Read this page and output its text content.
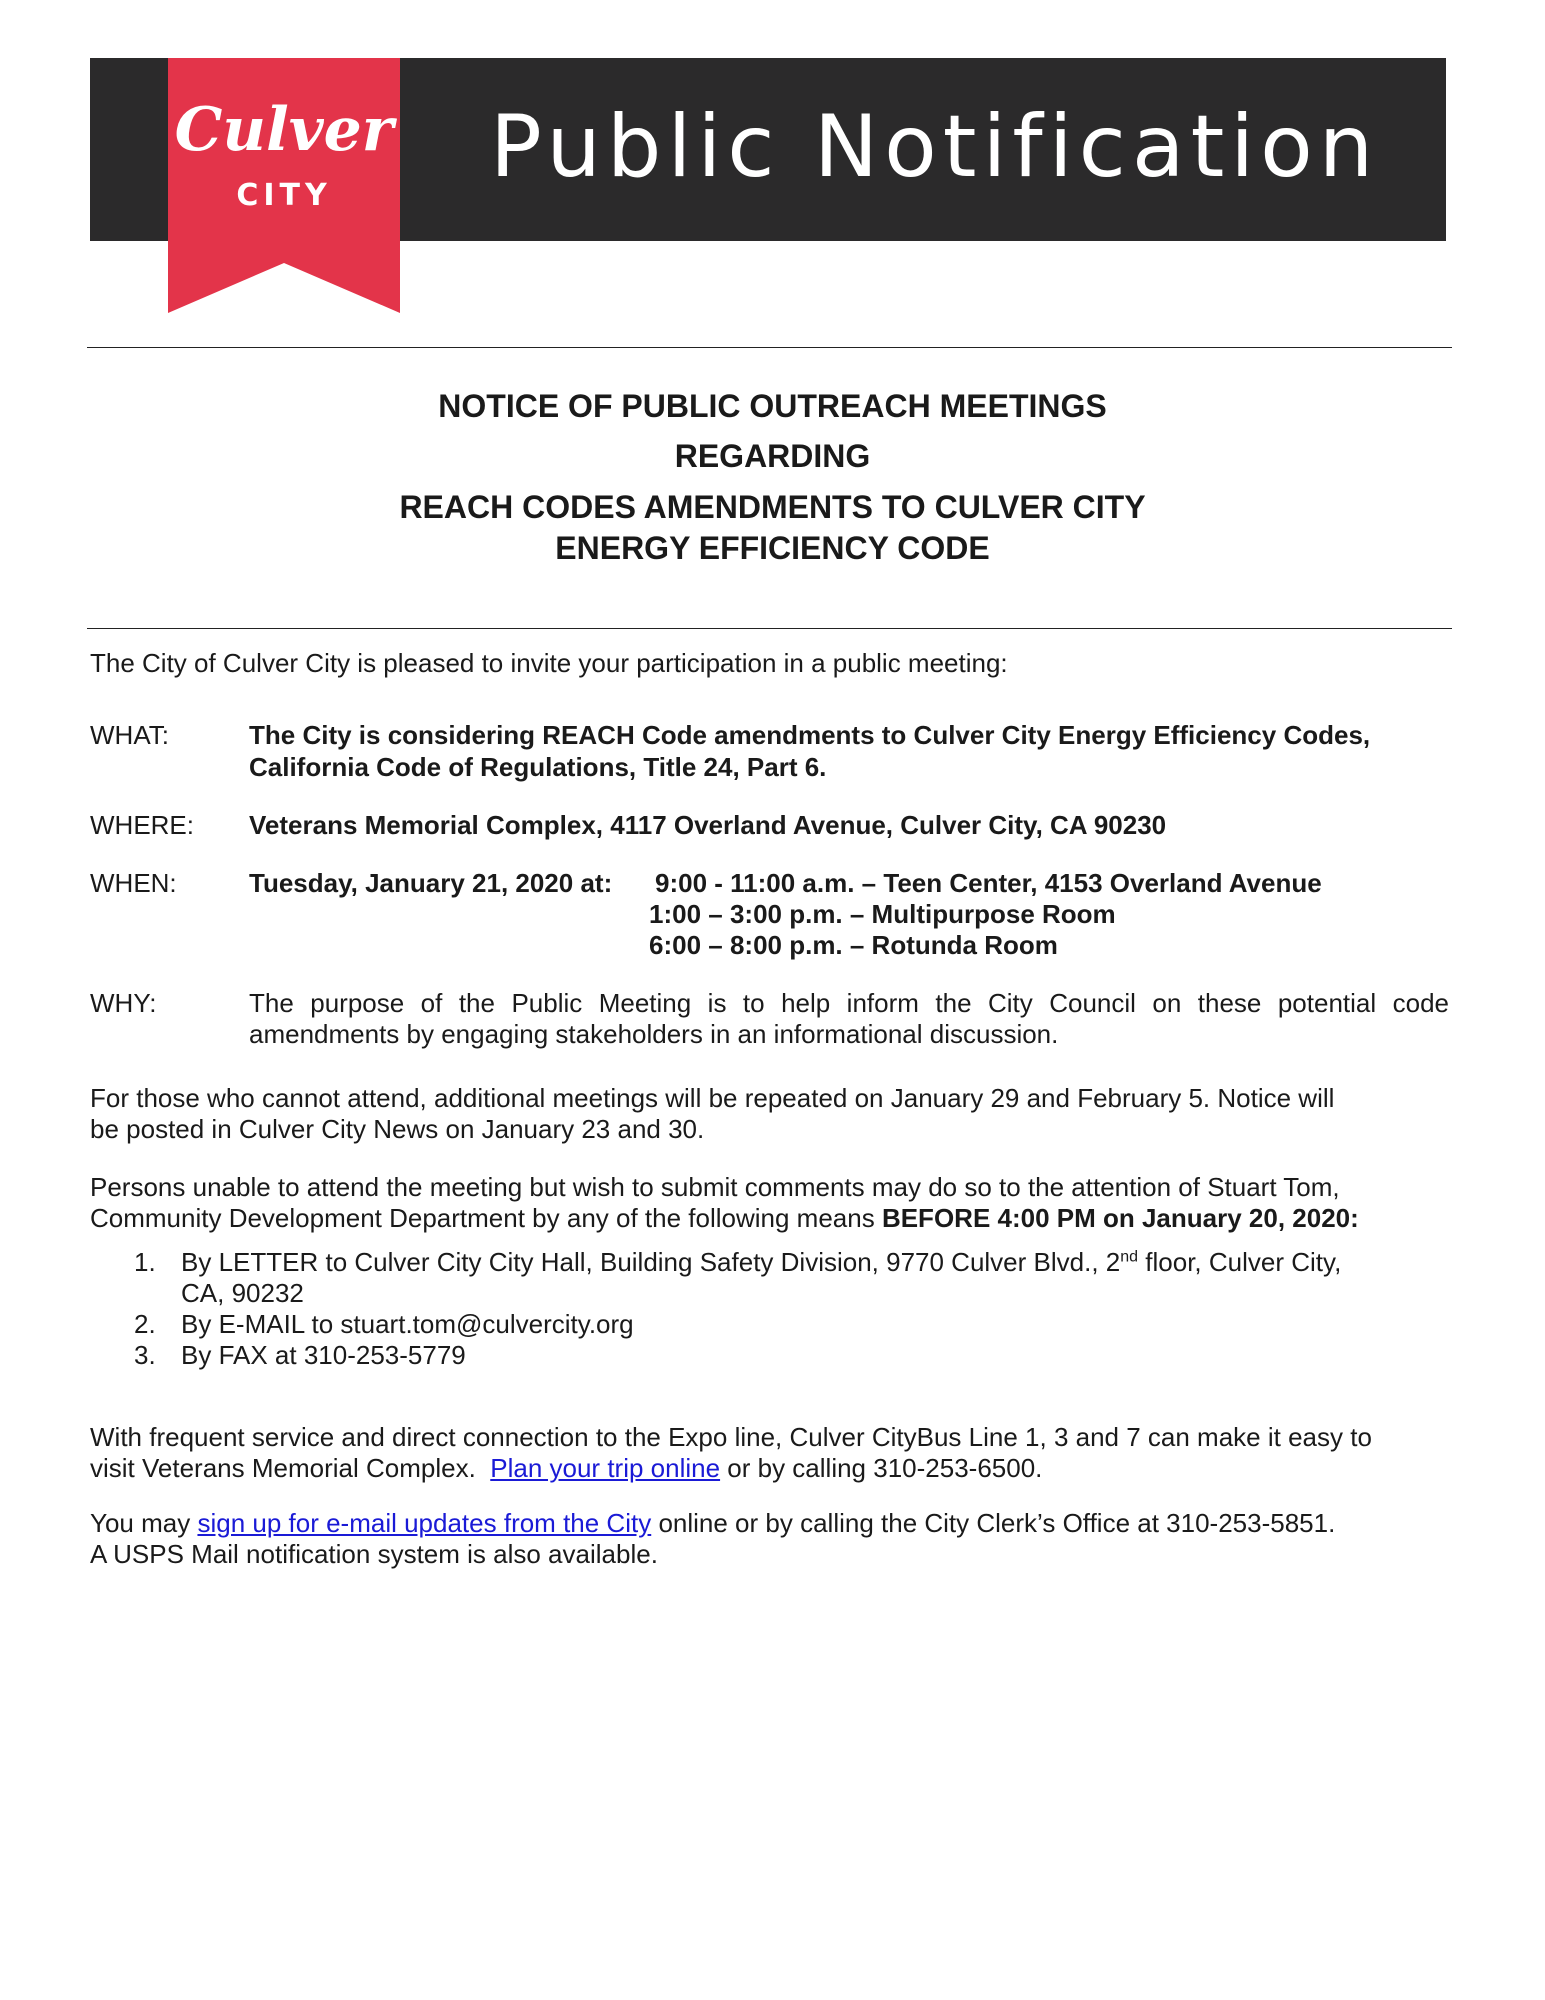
Culver
CITY	Public Notification
NOTICE OF PUBLIC OUTREACH MEETINGS
REGARDING
REACH CODES AMENDMENTS TO CULVER CITY
ENERGY EFFICIENCY CODE
The City of Culver City is pleased to invite your participation in a public meeting:
WHAT:	The City is considering REACH Code amendments to Culver City Energy Efficiency Codes,
California Code of Regulations, Title 24, Part 6.
WHERE: Veterans Memorial Complex, 4117 Overland Avenue, Culver City, CA 90230
WHEN:	Tuesday, January 21, 2020 at:	9:00 - 11:00 a.m. – Teen Center, 4153 Overland Avenue
1:00 – 3:00 p.m. – Multipurpose Room
6:00 – 8:00 p.m. – Rotunda Room
WHY:	The purpose of the Public Meeting is to help inform the City Council on these potential code amendments by engaging stakeholders in an informational discussion.
For those who cannot attend, additional meetings will be repeated on January 29 and February 5. Notice will
be posted in Culver City News on January 23 and 30.
Persons unable to attend the meeting but wish to submit comments may do so to the attention of Stuart Tom,
Community Development Department by any of the following means BEFORE 4:00 PM on January 20, 2020:
1. By LETTER to Culver City City Hall, Building Safety Division, 9770 Culver Blvd., 2nd floor, Culver City,
CA, 90232
2. By E-MAIL to stuart.tom@culvercity.org
3. By FAX at 310-253-5779
With frequent service and direct connection to the Expo line, Culver CityBus Line 1, 3 and 7 can make it easy to
visit Veterans Memorial Complex.  Plan your trip online or by calling 310-253-6500.
You may sign up for e-mail updates from the City online or by calling the City Clerk’s Office at 310-253-5851.
A USPS Mail notification system is also available.
